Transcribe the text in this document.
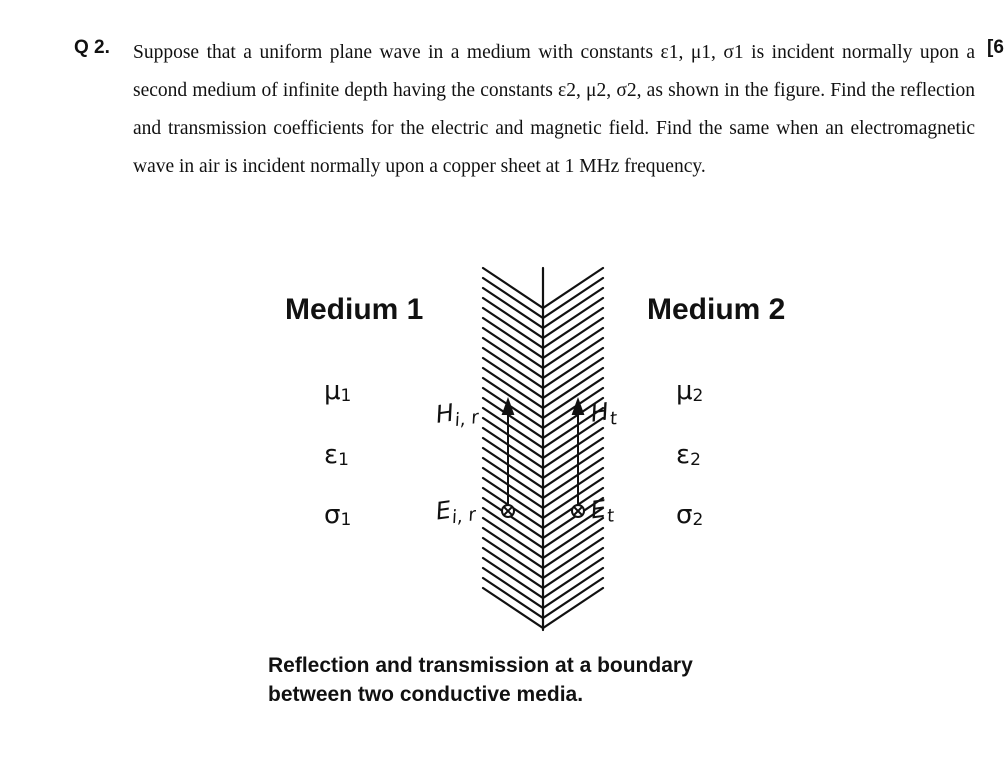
Q 2. Suppose that a uniform plane wave in a medium with constants ε1, μ1, σ1 is incident normally upon a second medium of infinite depth having the constants ε2, μ2, σ2, as shown in the figure. Find the reflection and transmission coefficients for the electric and magnetic field. Find the same when an electromagnetic wave in air is incident normally upon a copper sheet at 1 MHz frequency.
[6
Medium 1	Medium 2
$\mu_1$
$\varepsilon_1$
$\sigma_1$
$\mu_2$
$\varepsilon_2$
$\sigma_2$
$H_{i, r}$	$H_t$
$E_{i, r}$	$E_t$
Reflection and transmission at a boundary
between two conductive media.
